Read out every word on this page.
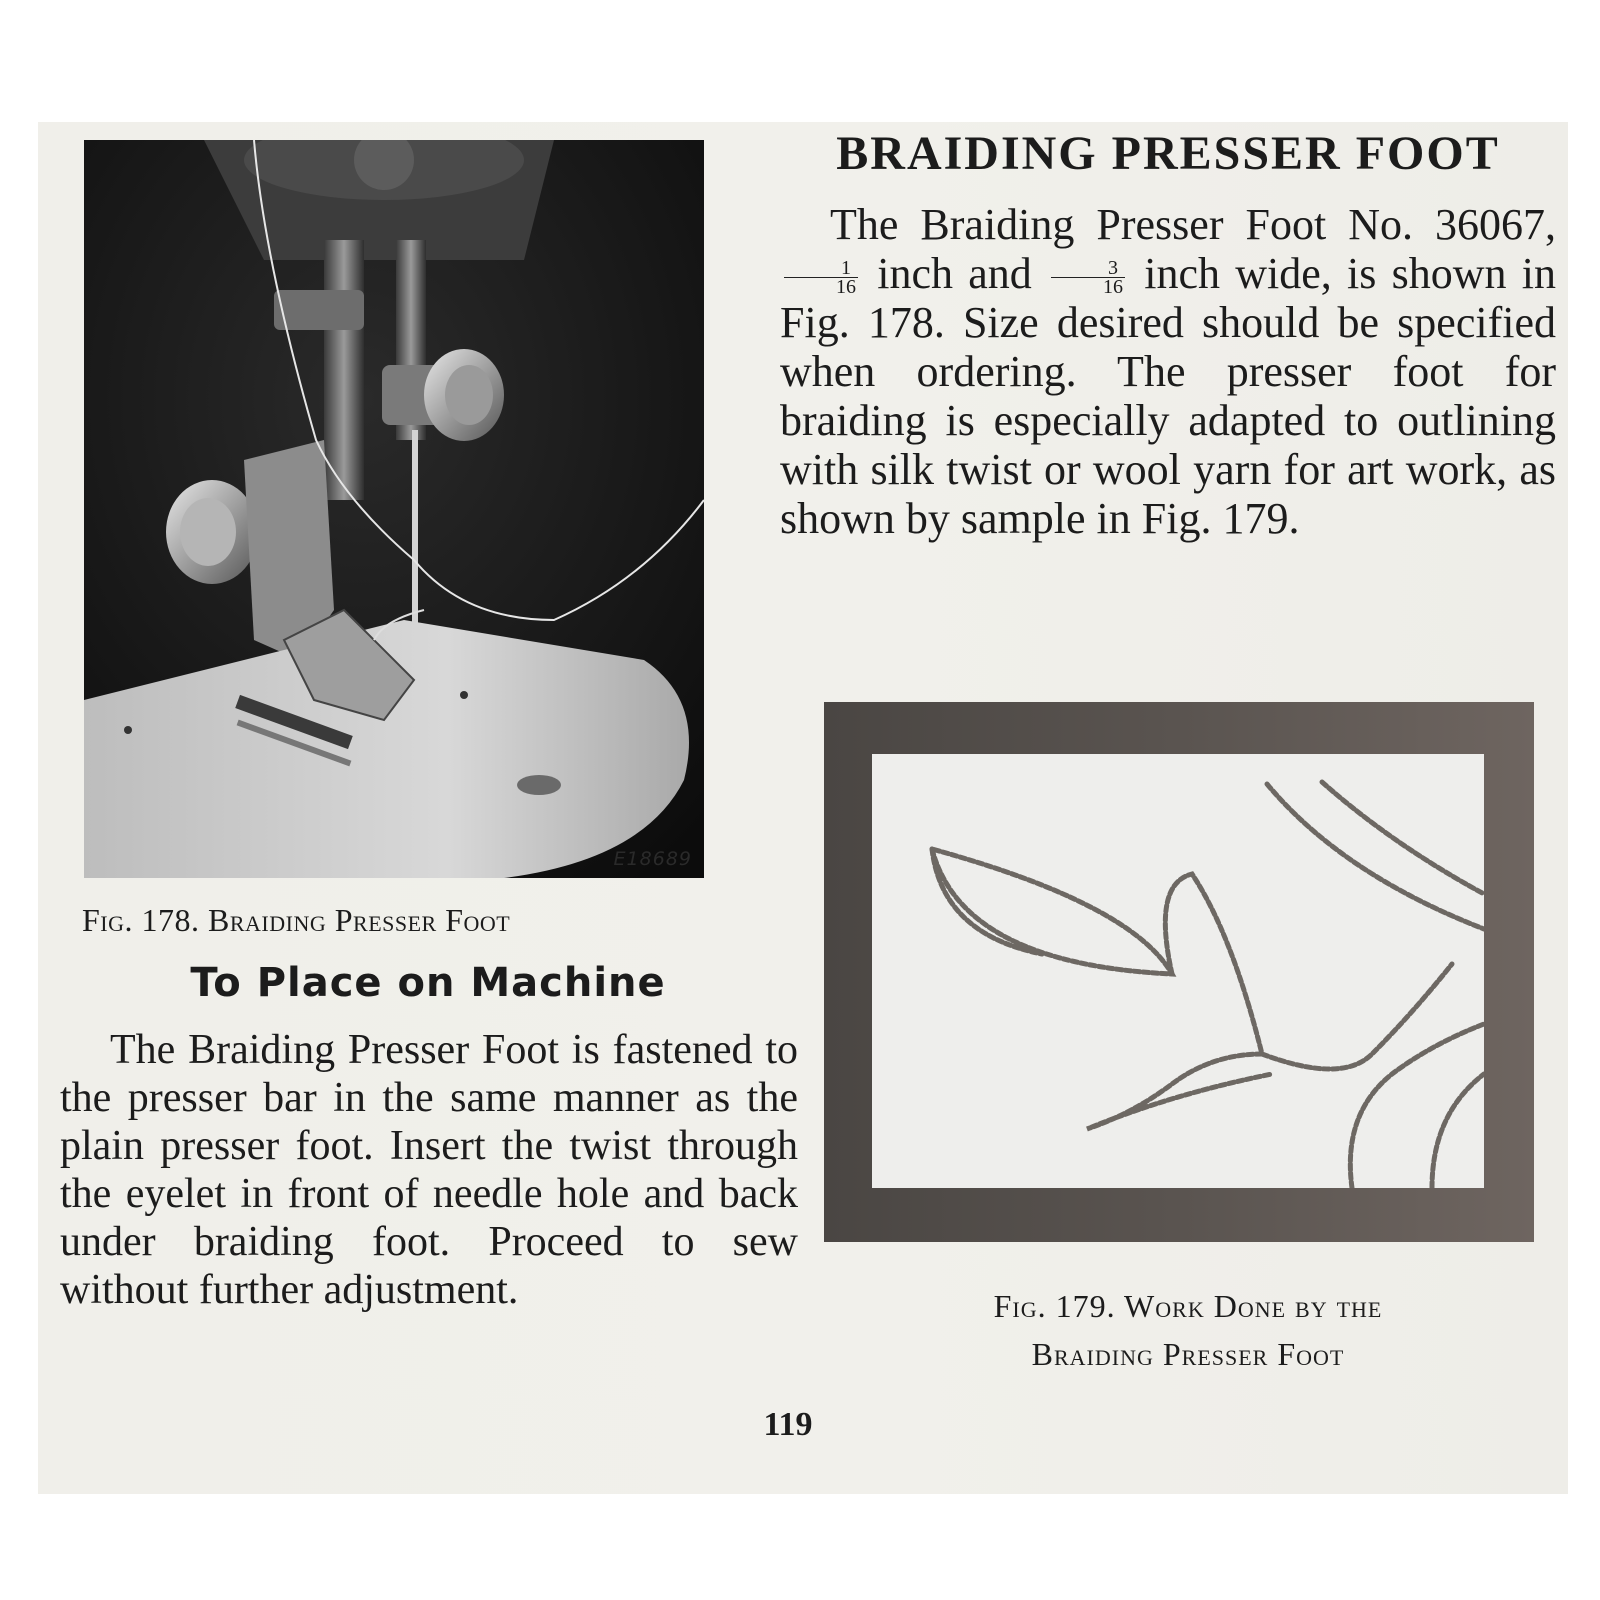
E18689
Fig. 178. Braiding Presser Foot
To Place on Machine

The Braiding Presser Foot is fastened to the presser bar in the same manner as the plain presser foot. Insert the twist through the eyelet in front of needle hole and back under braiding foot. Proceed to sew without further adjustment.

BRAIDING PRESSER FOOT

The Braiding Presser Foot No. 36067,
$\frac{1}{16}$ inch and $\frac{3}{16}$ inch wide, is shown in Fig. 178. Size desired should be specified when ordering. The presser foot for braiding is especially adapted to outlining with silk twist or wool yarn for art work, as shown by sample in Fig. 179.

Fig. 179. Work Done by the
Braiding Presser Foot
119
